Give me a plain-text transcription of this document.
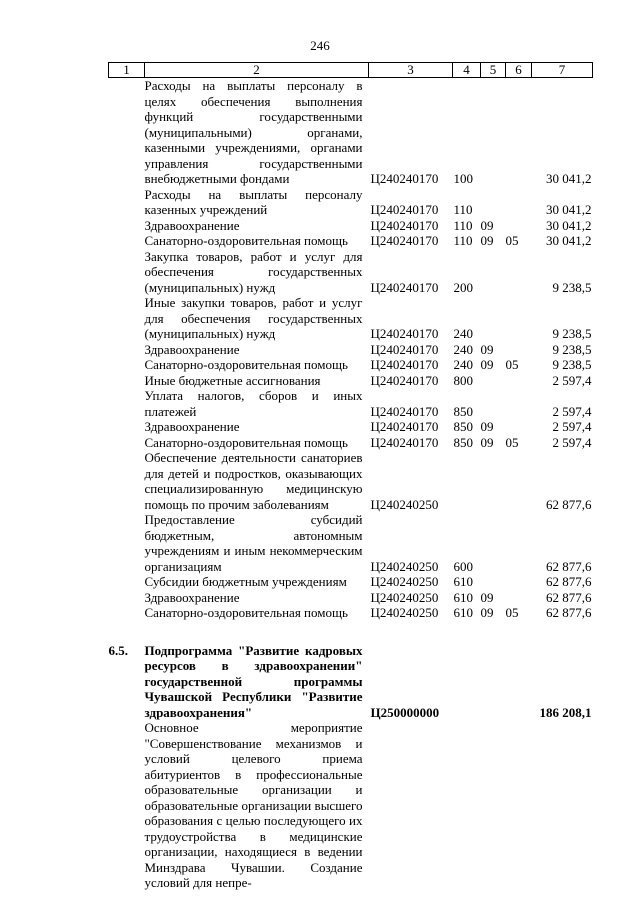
246
1	2	3	4	5	6	7
	Расходы на выплаты персоналу в целях обеспечения выполнения функций государственными (муниципальными) органами, казенными учреждениями, органами управления государственными внебюджетными фондами	Ц240240170	100			30 041,2
	Расходы на выплаты персоналу казенных учреждений	Ц240240170	110			30 041,2
	Здравоохранение	Ц240240170	110	09		30 041,2
	Санаторно-оздоровительная помощь	Ц240240170	110	09	05	30 041,2
	Закупка товаров, работ и услуг для обеспечения государственных (муниципальных) нужд	Ц240240170	200			9 238,5
	Иные закупки товаров, работ и услуг для обеспечения государственных (муниципальных) нужд	Ц240240170	240			9 238,5
	Здравоохранение	Ц240240170	240	09		9 238,5
	Санаторно-оздоровительная помощь	Ц240240170	240	09	05	9 238,5
	Иные бюджетные ассигнования	Ц240240170	800			2 597,4
	Уплата налогов, сборов и иных платежей	Ц240240170	850			2 597,4
	Здравоохранение	Ц240240170	850	09		2 597,4
	Санаторно-оздоровительная помощь	Ц240240170	850	09	05	2 597,4
	Обеспечение деятельности санаториев для детей и подростков, оказывающих специализированную медицинскую помощь по прочим заболеваниям	Ц240240250				62 877,6
	Предоставление субсидий бюджетным, автономным учреждениям и иным некоммерческим организациям	Ц240240250	600			62 877,6
	Субсидии бюджетным учреждениям	Ц240240250	610			62 877,6
	Здравоохранение	Ц240240250	610	09		62 877,6
	Санаторно-оздоровительная помощь	Ц240240250	610	09	05	62 877,6

6.5.	Подпрограмма "Развитие кадровых ресурсов в здравоохранении" государственной программы Чувашской Республики "Развитие здравоохранения"	Ц250000000				186 208,1
	Основное мероприятие "Совершенствование механизмов и условий целевого приема абитуриентов в профессиональные образовательные организации и образовательные организации высшего образования с целью последующего их трудоустройства в медицинские организации, находящиеся в ведении Минздрава Чувашии. Создание условий для непре-					
